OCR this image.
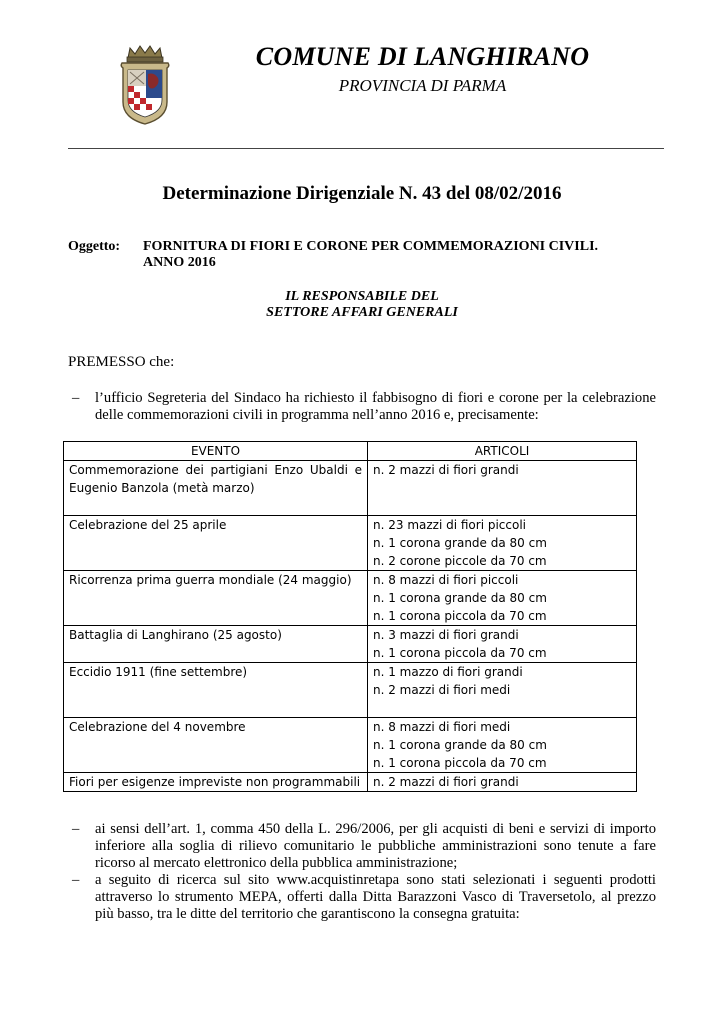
COMUNE DI LANGHIRANO
PROVINCIA DI PARMA
Determinazione Dirigenziale N. 43 del 08/02/2016
Oggetto: FORNITURA DI FIORI E CORONE PER COMMEMORAZIONI CIVILI.
ANNO 2016
IL RESPONSABILE DEL
SETTORE AFFARI GENERALI
PREMESSO che:
– l’ufficio Segreteria del Sindaco ha richiesto il fabbisogno di fiori e corone per la celebrazione delle commemorazioni civili in programma nell’anno 2016 e, precisamente:
EVENTO	ARTICOLI
Commemorazione dei partigiani Enzo Ubaldi e Eugenio Banzola (metà marzo)	n. 2 mazzi di fiori grandi
Celebrazione del 25 aprile	n. 23 mazzi di fiori piccoli
n. 1 corona grande da 80 cm
n. 2 corone piccole da 70 cm
Ricorrenza prima guerra mondiale (24 maggio)	n. 8 mazzi di fiori piccoli
n. 1 corona grande da 80 cm
n. 1 corona piccola da 70 cm
Battaglia di Langhirano (25 agosto)	n. 3 mazzi di fiori grandi
n. 1 corona piccola da 70 cm
Eccidio 1911 (fine settembre)	n. 1 mazzo di fiori grandi
n. 2 mazzi di fiori medi
Celebrazione del 4 novembre	n. 8 mazzi di fiori medi
n. 1 corona grande da 80 cm
n. 1 corona piccola da 70 cm
Fiori per esigenze impreviste non programmabili	n. 2 mazzi di fiori grandi
– ai sensi dell’art. 1, comma 450 della L. 296/2006, per gli acquisti di beni e servizi di importo inferiore alla soglia di rilievo comunitario le pubbliche amministrazioni sono tenute a fare ricorso al mercato elettronico della pubblica amministrazione;
– a seguito di ricerca sul sito www.acquistinretapa sono stati selezionati i seguenti prodotti attraverso lo strumento MEPA, offerti dalla Ditta Barazzoni Vasco di Traversetolo, al prezzo più basso, tra le ditte del territorio che garantiscono la consegna gratuita:
